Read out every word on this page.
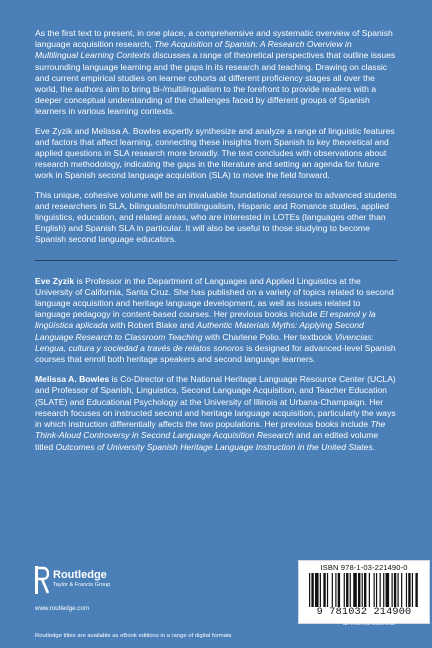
As the first text to present, in one place, a comprehensive and systematic overview of Spanish language acquisition research, The Acquisition of Spanish: A Research Overview in Multilingual Learning Contexts discusses a range of theoretical perspectives that outline issues surrounding language learning and the gaps in its research and teaching. Drawing on classic and current empirical studies on learner cohorts at different proficiency stages all over the world, the authors aim to bring bi-/multilingualism to the forefront to provide readers with a deeper conceptual understanding of the challenges faced by different groups of Spanish learners in various learning contexts.

Eve Zyzik and Melissa A. Bowles expertly synthesize and analyze a range of linguistic features and factors that affect learning, connecting these insights from Spanish to key theoretical and applied questions in SLA research more broadly. The text concludes with observations about research methodology, indicating the gaps in the literature and setting an agenda for future work in Spanish second language acquisition (SLA) to move the field forward.

This unique, cohesive volume will be an invaluable foundational resource to advanced students and researchers in SLA, bilingualism/multilingualism, Hispanic and Romance studies, applied linguistics, education, and related areas, who are interested in LOTEs (languages other than English) and Spanish SLA in particular. It will also be useful to those studying to become Spanish second language educators.

Eve Zyzik is Professor in the Department of Languages and Applied Linguistics at the University of California, Santa Cruz. She has published on a variety of topics related to second language acquisition and heritage language development, as well as issues related to language pedagogy in content-based courses. Her previous books include El espanol y la lingüística aplicada with Robert Blake and Authentic Materials Myths: Applying Second Language Research to Classroom Teaching with Charlene Polio. Her textbook Vivencias: Lengua, cultura y sociedad a través de relatos sonoros is designed for advanced-level Spanish courses that enroll both heritage speakers and second language learners.

Melissa A. Bowles is Co-Director of the National Heritage Language Resource Center (UCLA) and Professor of Spanish, Linguistics, Second Language Acquisition, and Teacher Education (SLATE) and Educational Psychology at the University of Illinois at Urbana-Champaign. Her research focuses on instructed second and heritage language acquisition, particularly the ways in which instruction differentially affects the two populations. Her previous books include The Think-Aloud Controversy in Second Language Acquisition Research and an edited volume titled Outcomes of University Spanish Heritage Language Instruction in the United States.

Routledge
Taylor & Francis Group
www.routledge.com
ISBN 978-1-03-221490-0
9 781032 214900
an informa business
Routledge titles are available as eBook editions in a range of digital formats
